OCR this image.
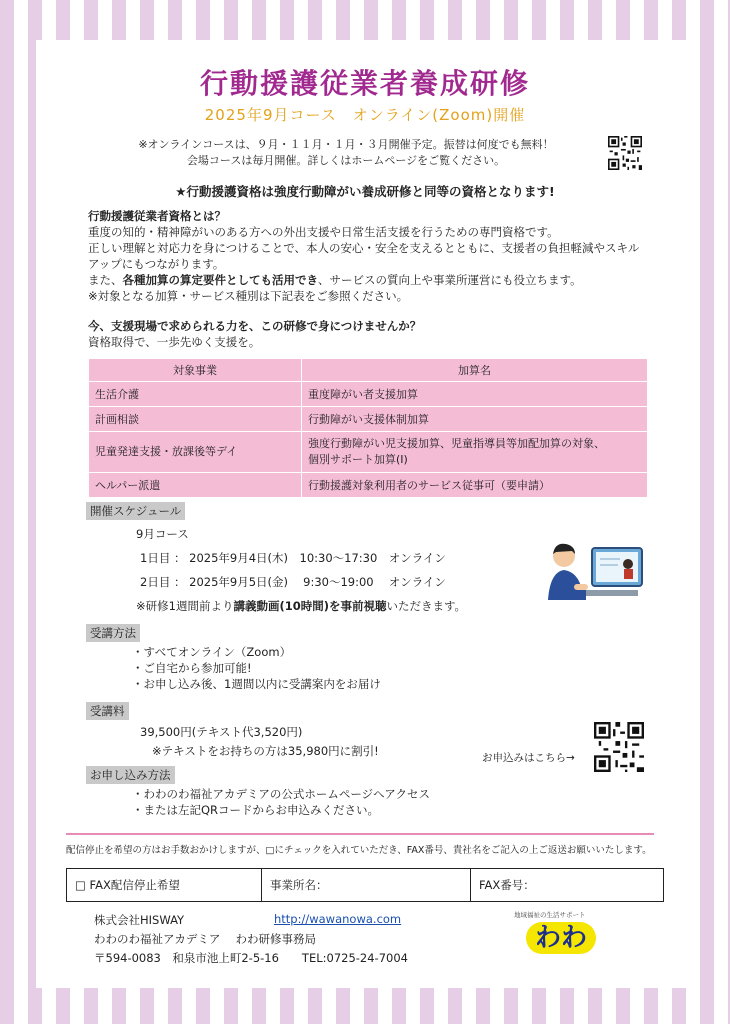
行動援護従業者養成研修
2025年9月コース　オンライン(Zoom)開催
※オンラインコースは、９月・１１月・１月・３月開催予定。振替は何度でも無料！
会場コースは毎月開催。詳しくはホームページをご覧ください。
★行動援護資格は強度行動障がい養成研修と同等の資格となります!
行動援護従業者資格とは？
重度の知的・精神障がいのある方への外出支援や日常生活支援を行うための専門資格です。
正しい理解と対応力を身につけることで、本人の安心・安全を支えるとともに、支援者の負担軽減やスキル
アップにもつながります。
また、各種加算の算定要件としても活用でき、サービスの質向上や事業所運営にも役立ちます。
※対象となる加算・サービス種別は下記表をご参照ください。
今、支援現場で求められる力を、この研修で身につけませんか？
資格取得で、一歩先ゆく支援を。
対象事業	加算名
生活介護	重度障がい者支援加算
計画相談	行動障がい支援体制加算
児童発達支援・放課後等デイ	強度行動障がい児支援加算、児童指導員等加配加算の対象、
個別サポート加算(Ⅰ)

ヘルパー派遣	行動援護対象利用者のサービス従事可（要申請）
開催スケジュール
9月コース
1日目 ： 2025年9月4日(木)　10:30～17:30　オンライン
2日目 ： 2025年9月5日(金)　 9:30～19:00　 オンライン
※研修1週間前より講義動画(10時間)を事前視聴いただきます。
受講方法
・すべてオンライン（Zoom）
・ご自宅から参加可能!
・お申し込み後、1週間以内に受講案内をお届け
受講料
39,500円(テキスト代3,520円)
※テキストをお持ちの方は35,980円に割引!	お申込みはこちら→
お申し込み方法
・わわのわ福祉アカデミアの公式ホームページへアクセス
・または左記QRコードからお申込みください。
配信停止を希望の方はお手数おかけしますが、□にチェックを入れていただき、FAX番号、貴社名をご記入の上ご返送お願いいたします。
□ FAX配信停止希望	事業所名：	FAX番号：
株式会社HISWAY	http://wawanowa.com
わわのわ福祉アカデミア　 わわ研修事務局
〒594-0083　和泉市池上町2-5-16　　TEL:0725-24-7004
地域福祉の生活サポート
わわ
